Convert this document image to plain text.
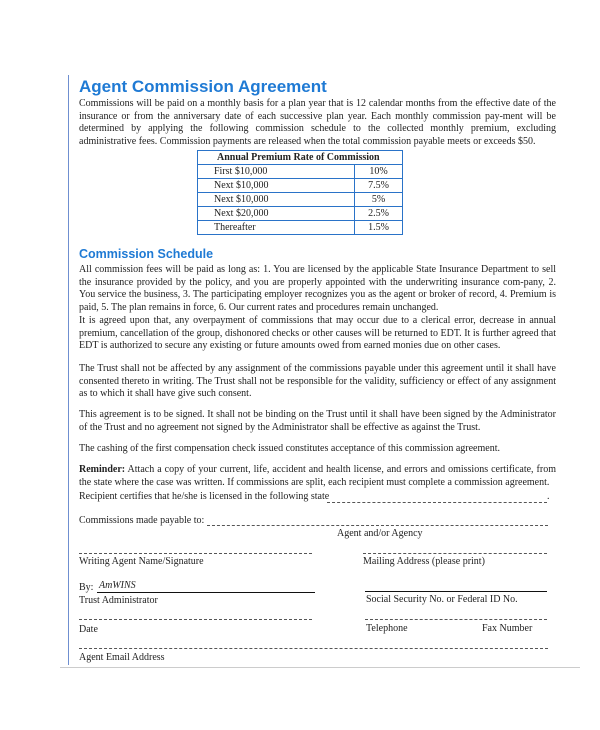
Agent Commission Agreement

Commissions will be paid on a monthly basis for a plan year that is 12 calendar months from the effective date of the insurance or from the anniversary date of each successive plan year. Each monthly commission pay-ment will be determined by applying the following commission schedule to the collected monthly premium, excluding administrative fees. Commission payments are released when the total commission payable meets or exceeds $50.

Annual Premium Rate of Commission	
First $10,000	10%
Next $10,000	7.5%
Next $10,000	5%
Next $20,000	2.5%
Thereafter	1.5%
Commission Schedule

All commission fees will be paid as long as: 1. You are licensed by the applicable State Insurance Department to sell the insurance provided by the policy, and you are properly appointed with the underwriting insurance com-pany, 2. You service the business, 3. The participating employer recognizes you as the agent or broker of record, 4. Premium is paid, 5. The plan remains in force, 6. Our current rates and procedures remain unchanged.

It is agreed upon that, any overpayment of commissions that may occur due to a clerical error, decrease in annual premium, cancellation of the group, dishonored checks or other causes will be returned to EDT. It is further agreed that EDT is authorized to secure any existing or future amounts owed from earned monies due on other cases.

The Trust shall not be affected by any assignment of the commissions payable under this agreement until it shall have consented thereto in writing. The Trust shall not be responsible for the validity, sufficiency or effect of any assignment as to which it shall have give such consent.

This agreement is to be signed. It shall not be binding on the Trust until it shall have been signed by the Administrator of the Trust and no agreement not signed by the Administrator shall be effective as against the Trust.

The cashing of the first compensation check issued constitutes acceptance of this commission agreement.

Reminder: Attach a copy of your current, life, accident and health license, and errors and omissions certificate, from the state where the case was written. If commissions are split, each recipient must complete a commission agreement.

Recipient certifies that he/she is licensed in the following state	.
Commissions made payable to:
Agent and/or Agency
Writing Agent Name/Signature	Mailing Address (please print)
By: AmWINS
Trust Administrator	Social Security No. or Federal ID No.
Date	Telephone	Fax Number
Agent Email Address
